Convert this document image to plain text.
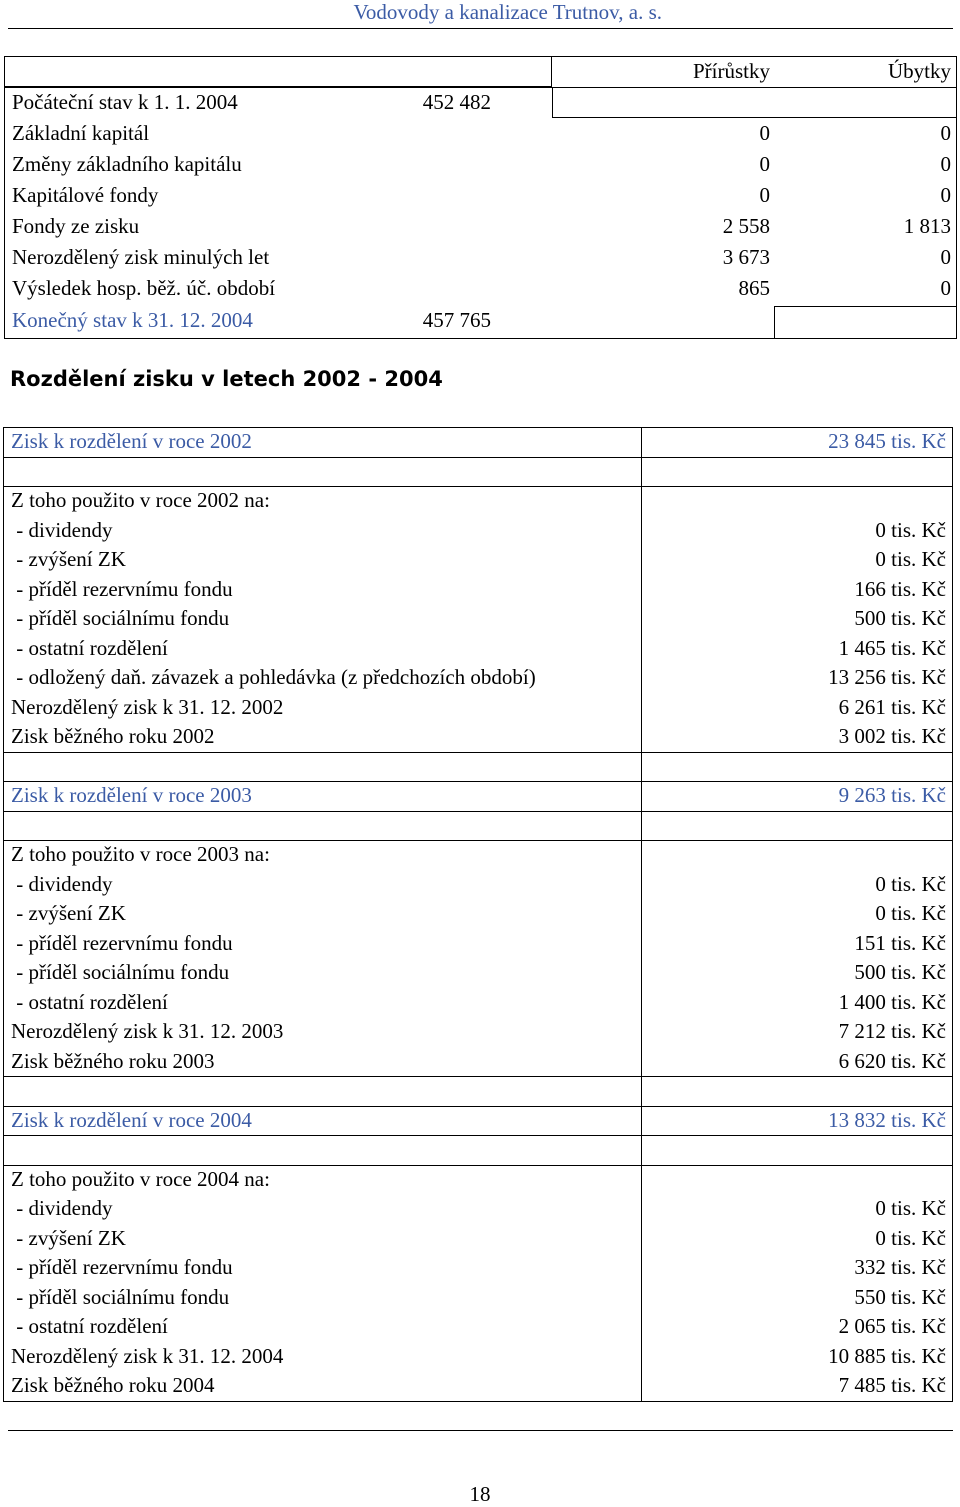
Vodovody a kanalizace Trutnov, a. s.
Přírůstky	Úbytky
Počáteční stav k 1. 1. 2004	452 482
Základní kapitál	0	0
Změny základního kapitálu	0	0
Kapitálové fondy	0	0
Fondy ze zisku	2 558	1 813
Nerozdělený zisk minulých let	3 673	0
Výsledek hosp. běž. úč. období	865	0
Konečný stav k 31. 12. 2004	457 765
Rozdělení zisku v letech 2002 - 2004
Zisk k rozdělení v roce 2002	23 845 tis. Kč
Z toho použito v roce 2002 na:
- dividendy	0 tis. Kč
- zvýšení ZK	0 tis. Kč
- příděl rezervnímu fondu	166 tis. Kč
- příděl sociálnímu fondu	500 tis. Kč
- ostatní rozdělení	1 465 tis. Kč
- odložený daň. závazek a pohledávka (z předchozích období)	13 256 tis. Kč
Nerozdělený zisk k 31. 12. 2002	6 261 tis. Kč
Zisk běžného roku 2002	3 002 tis. Kč
Zisk k rozdělení v roce 2003	9 263 tis. Kč
Z toho použito v roce 2003 na:
- dividendy	0 tis. Kč
- zvýšení ZK	0 tis. Kč
- příděl rezervnímu fondu	151 tis. Kč
- příděl sociálnímu fondu	500 tis. Kč
- ostatní rozdělení	1 400 tis. Kč
Nerozdělený zisk k 31. 12. 2003	7 212 tis. Kč
Zisk běžného roku 2003	6 620 tis. Kč
Zisk k rozdělení v roce 2004	13 832 tis. Kč
Z toho použito v roce 2004 na:
- dividendy	0 tis. Kč
- zvýšení ZK	0 tis. Kč
- příděl rezervnímu fondu	332 tis. Kč
- příděl sociálnímu fondu	550 tis. Kč
- ostatní rozdělení	2 065 tis. Kč
Nerozdělený zisk k 31. 12. 2004	10 885 tis. Kč
Zisk běžného roku 2004	7 485 tis. Kč
18
